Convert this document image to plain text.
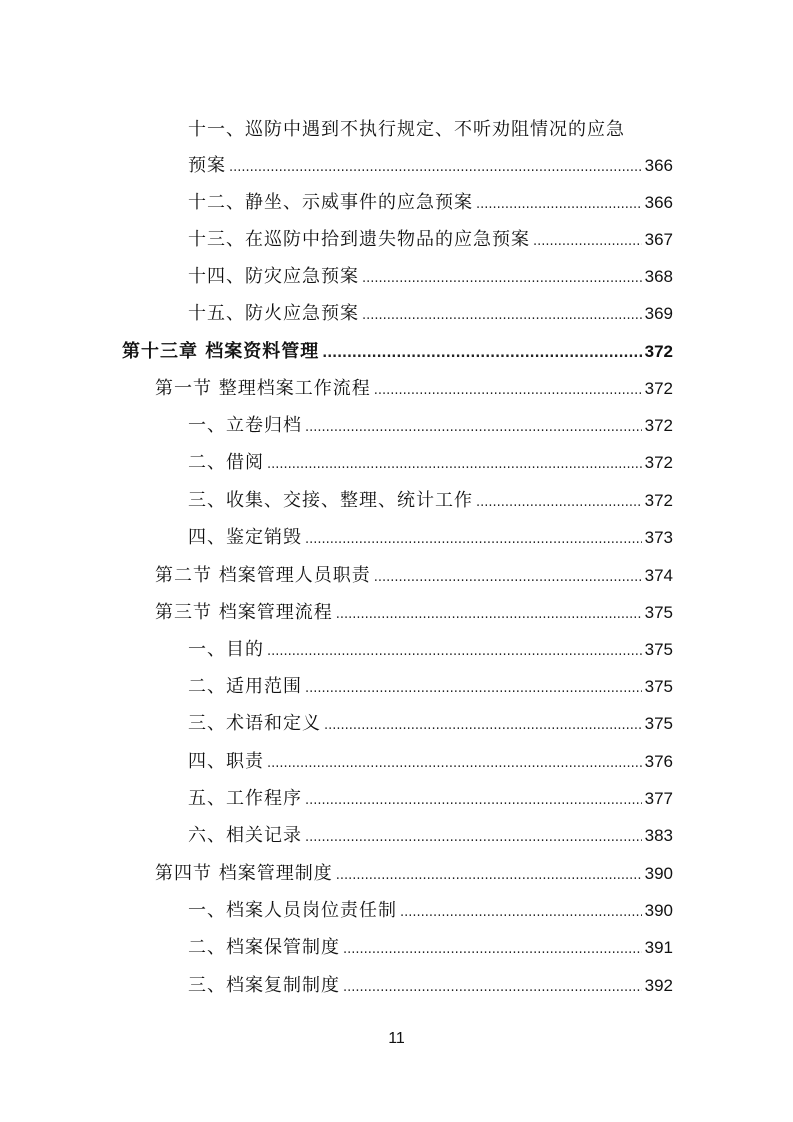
十一、巡防中遇到不执行规定、不听劝阻情况的应急
预案 .....	366
十二、静坐、示威事件的应急预案 .....	366
十三、在巡防中拾到遗失物品的应急预案 .....	367
十四、防灾应急预案 .....	368
十五、防火应急预案 .....	369
第十三章 档案资料管理 .....	372
第一节 整理档案工作流程 .....	372
一、立卷归档 .....	372
二、借阅 .....	372
三、收集、交接、整理、统计工作 .....	372
四、鉴定销毁 .....	373
第二节 档案管理人员职责 .....	374
第三节 档案管理流程 .....	375
一、目的 .....	375
二、适用范围 .....	375
三、术语和定义 .....	375
四、职责 .....	376
五、工作程序 .....	377
六、相关记录 .....	383
第四节 档案管理制度 .....	390
一、档案人员岗位责任制 .....	390
二、档案保管制度 .....	391
三、档案复制制度 .....	392
11
